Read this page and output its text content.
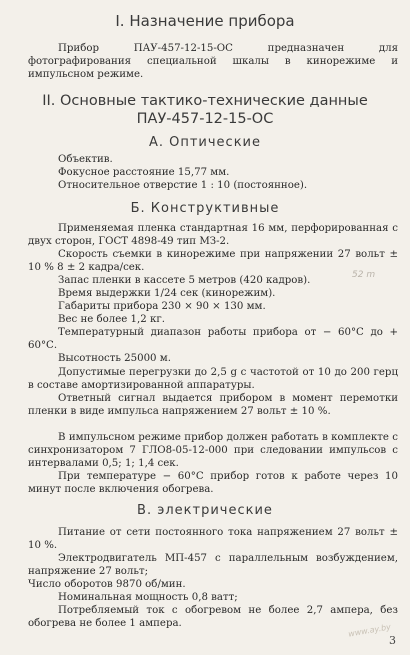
I. Назначение прибора

Прибор ПАУ-457-12-15-ОС предназначен для фотографирования специальной шкалы в кинорежиме и импульсном режиме.

II. Основные тактико-технические данные
ПАУ-457-12-15-ОС
А. Оптические

Объектив.

Фокусное расстояние 15,77 мм.

Относительное отверстие 1 : 10 (постоянное).

Б. Конструктивные

Применяемая пленка стандартная 16 мм, перфорированная с двух сторон, ГОСТ 4898-49 тип МЗ-2.

Скорость съемки в кинорежиме при напряжении 27 вольт ± 10 % 8 ± 2 кадра/сек.

Запас пленки в кассете 5 метров (420 кадров).

Время выдержки 1/24 сек (кинорежим).

Габариты прибора 230 × 90 × 130 мм.

Вес не более 1,2 кг.

Температурный диапазон работы прибора от − 60°С до + 60°С.

Высотность 25000 м.

Допустимые перегрузки до 2,5 g с частотой от 10 до 200 герц в составе амортизированной аппаратуры.

Ответный сигнал выдается прибором в момент перемотки пленки в виде импульса напряжением 27 вольт ± 10 %.

В импульсном режиме прибор должен работать в комплекте с синхронизатором 7 ГЛО8-05-12-000 при следовании импульсов с интервалами 0,5; 1; 1,4 сек.

При температуре − 60°С прибор готов к работе через 10 минут после включения обогрева.

52 m
В. электрические

Питание от сети постоянного тока напряжением 27 вольт ± 10 %.

Электродвигатель МП-457 с параллельным возбуждением, напряжение 27 вольт;

Число оборотов 9870 об/мин.

Номинальная мощность 0,8 ватт;

Потребляемый ток с обогревом не более 2,7 ампера, без обогрева не более 1 ампера.	www.ay.by
3
